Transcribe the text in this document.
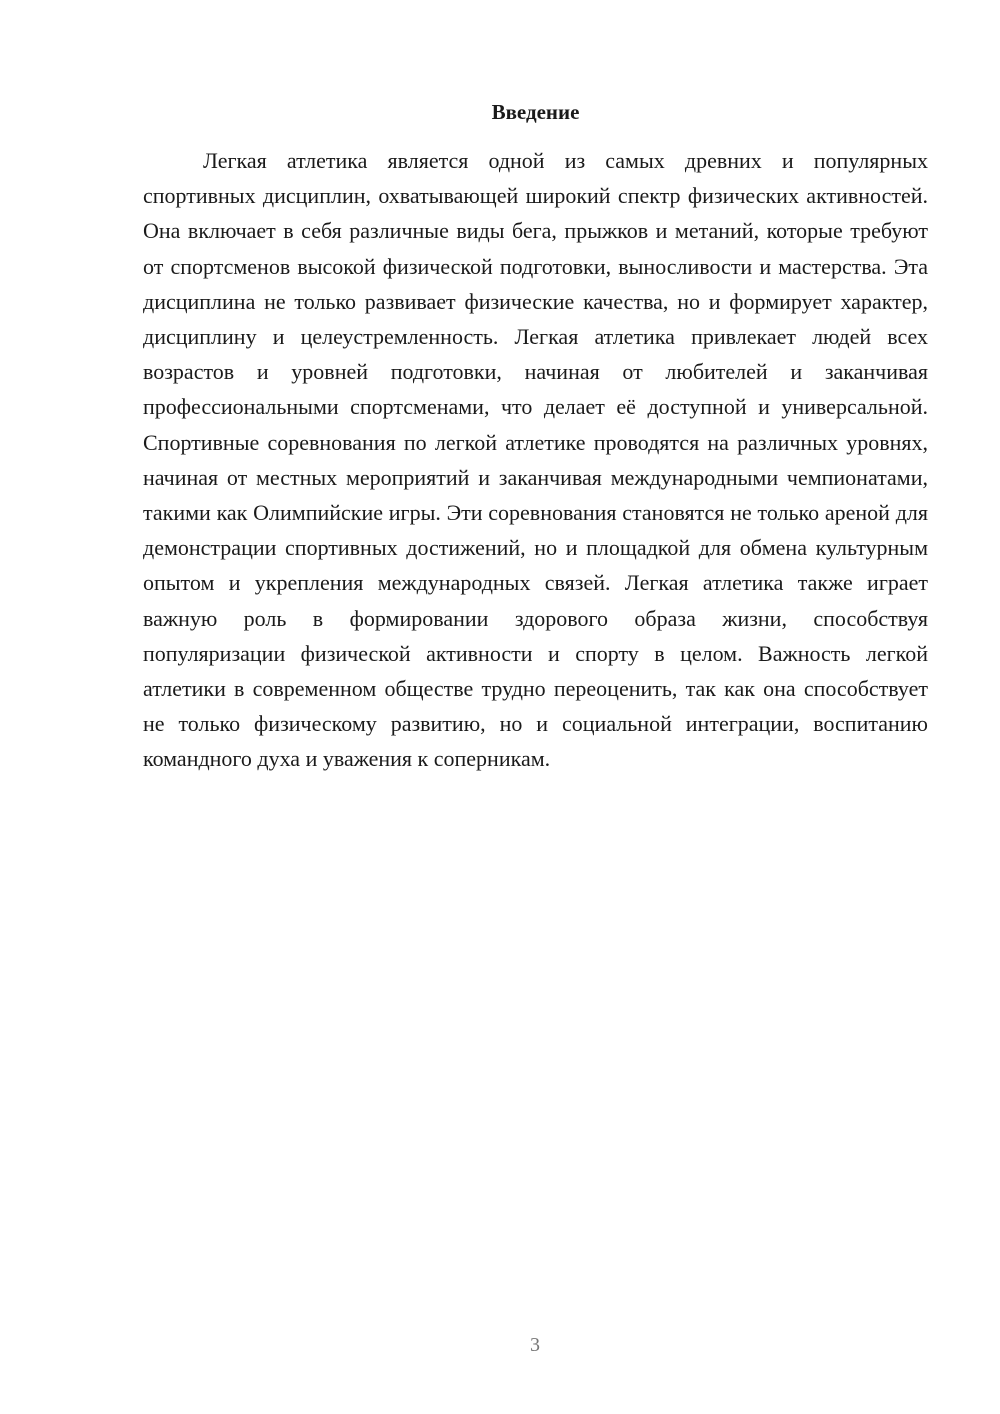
Введение

Легкая атлетика является одной из самых древних и популярных спортивных дисциплин, охватывающей широкий спектр физических активностей. Она включает в себя различные виды бега, прыжков и метаний, которые требуют от спортсменов высокой физической подготовки, выносливости и мастерства. Эта дисциплина не только развивает физические качества, но и формирует характер, дисциплину и целеустремленность. Легкая атлетика привлекает людей всех возрастов и уровней подготовки, начиная от любителей и заканчивая профессиональными спортсменами, что делает её доступной и универсальной. Спортивные соревнования по легкой атлетике проводятся на различных уровнях, начиная от местных мероприятий и заканчивая международными чемпионатами, такими как Олимпийские игры. Эти соревнования становятся не только ареной для демонстрации спортивных достижений, но и площадкой для обмена культурным опытом и укрепления международных связей. Легкая атлетика также играет важную роль в формировании здорового образа жизни, способствуя популяризации физической активности и спорту в целом. Важность легкой атлетики в современном обществе трудно переоценить, так как она способствует не только физическому развитию, но и социальной интеграции, воспитанию командного духа и уважения к соперникам.

3
